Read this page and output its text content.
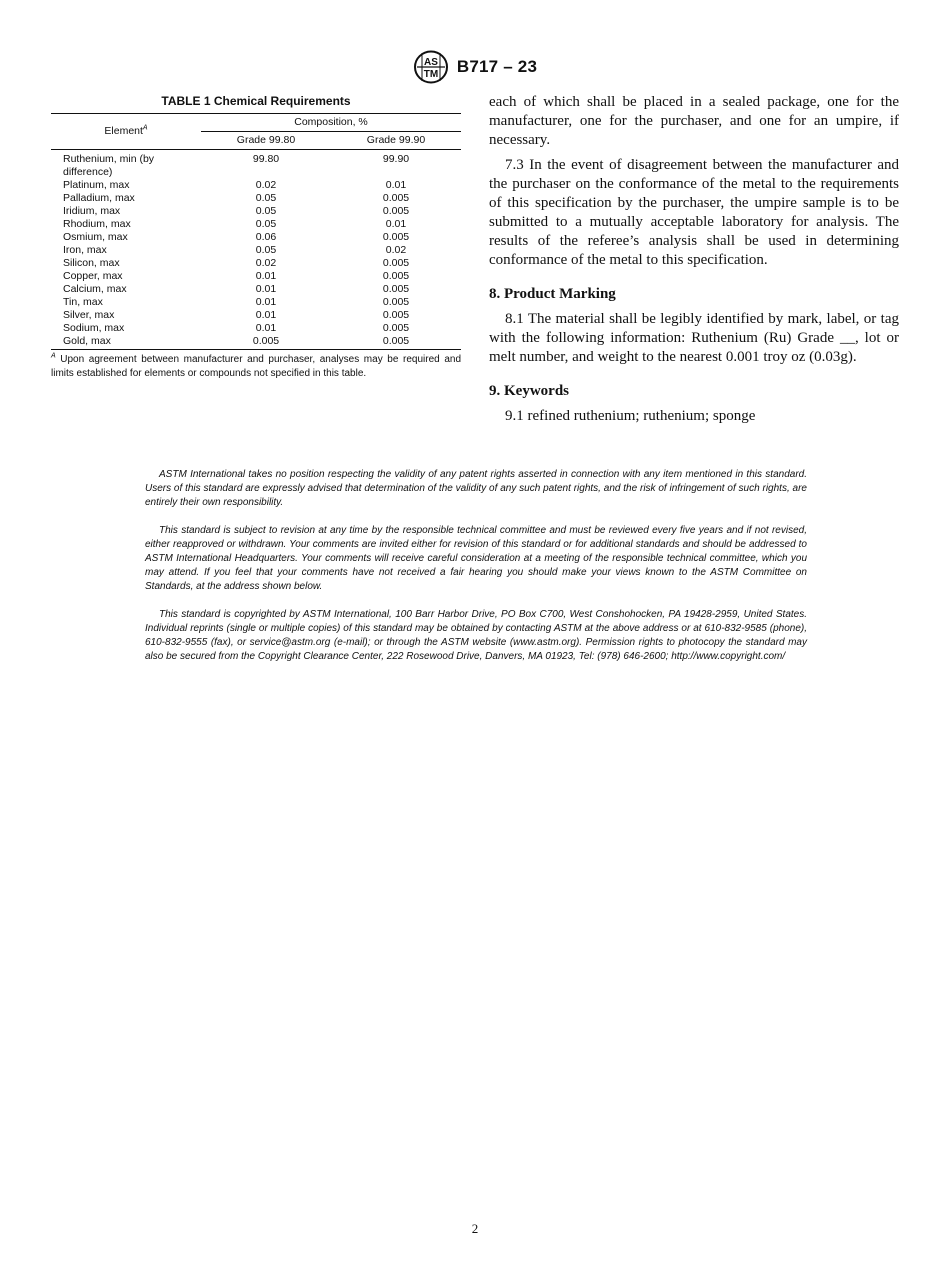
AS
TM B717 – 23
TABLE 1 Chemical Requirements
Element$^A$	Composition, %	
	Grade 99.80	Grade 99.90
Ruthenium, min (by difference)	99.80	99.90
Platinum, max	0.02	0.01
Palladium, max	0.05	0.005
Iridium, max	0.05	0.005
Rhodium, max	0.05	0.01
Osmium, max	0.06	0.005
Iron, max	0.05	0.02
Silicon, max	0.02	0.005
Copper, max	0.01	0.005
Calcium, max	0.01	0.005
Tin, max	0.01	0.005
Silver, max	0.01	0.005
Sodium, max	0.01	0.005
Gold, max	0.005	0.005
$^A$ Upon agreement between manufacturer and purchaser, analyses may be required and limits established for elements or compounds not specified in this table.

each of which shall be placed in a sealed package, one for the manufacturer, one for the purchaser, and one for an umpire, if necessary.

7.3 In the event of disagreement between the manufacturer and the purchaser on the conformance of the metal to the requirements of this specification by the purchaser, the umpire sample is to be submitted to a mutually acceptable laboratory for analysis. The results of the referee’s analysis shall be used in determining conformance of the metal to this specification.

8. Product Marking

8.1 The material shall be legibly identified by mark, label, or tag with the following information: Ruthenium (Ru) Grade __, lot or melt number, and weight to the nearest 0.001 troy oz (0.03g).

9. Keywords

9.1 refined ruthenium; ruthenium; sponge

ASTM International takes no position respecting the validity of any patent rights asserted in connection with any item mentioned in this standard. Users of this standard are expressly advised that determination of the validity of any such patent rights, and the risk of infringement of such rights, are entirely their own responsibility.

This standard is subject to revision at any time by the responsible technical committee and must be reviewed every five years and if not revised, either reapproved or withdrawn. Your comments are invited either for revision of this standard or for additional standards and should be addressed to ASTM International Headquarters. Your comments will receive careful consideration at a meeting of the responsible technical committee, which you may attend. If you feel that your comments have not received a fair hearing you should make your views known to the ASTM Committee on Standards, at the address shown below.

This standard is copyrighted by ASTM International, 100 Barr Harbor Drive, PO Box C700, West Conshohocken, PA 19428-2959, United States. Individual reprints (single or multiple copies) of this standard may be obtained by contacting ASTM at the above address or at 610-832-9585 (phone), 610-832-9555 (fax), or service@astm.org (e-mail); or through the ASTM website (www.astm.org). Permission rights to photocopy the standard may also be secured from the Copyright Clearance Center, 222 Rosewood Drive, Danvers, MA 01923, Tel: (978) 646-2600; http://www.copyright.com/

2
